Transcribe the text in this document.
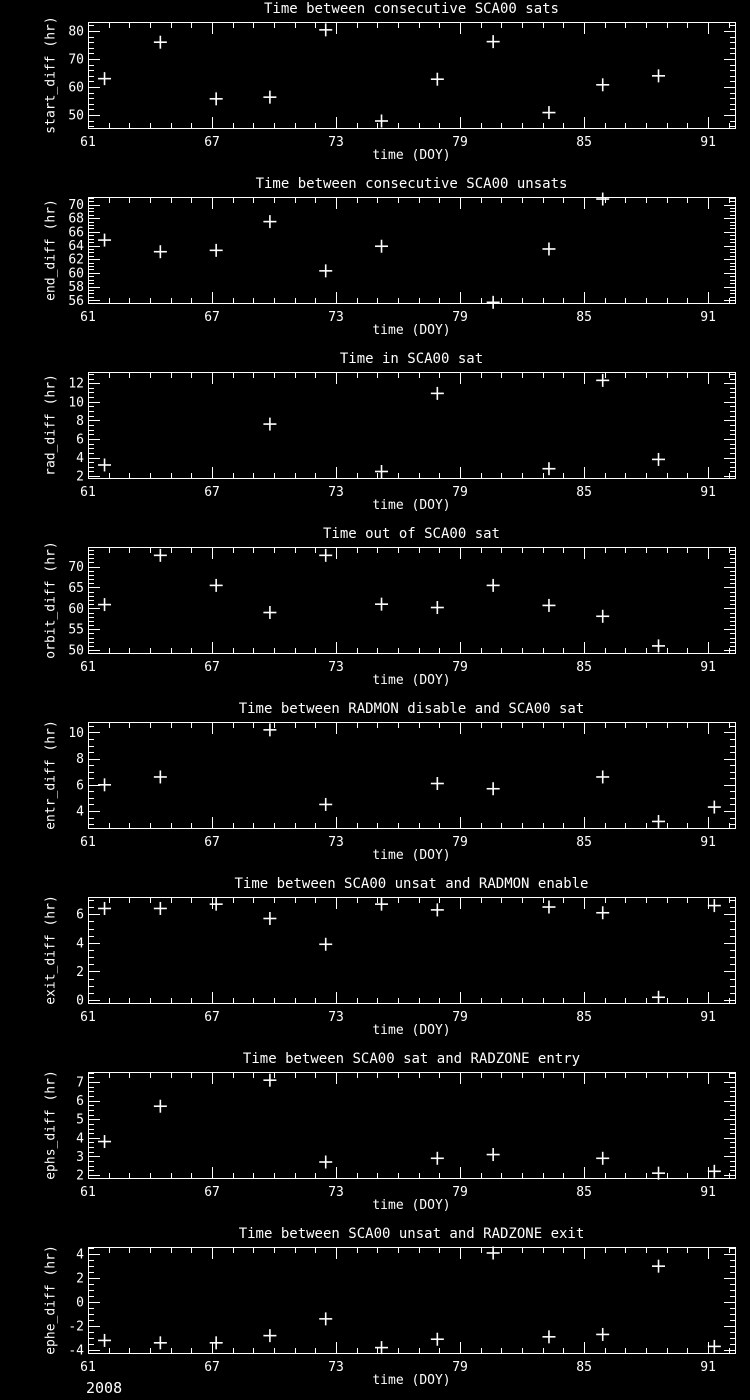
61	67	73	79	85	91
50
60
70
80
Time between consecutive SCA00 sats
start_diff (hr)
time (DOY)
61	67	73	79	85	91
56
58
60
62
64
66
68
70
Time between consecutive SCA00 unsats
end_diff (hr)
time (DOY)
61	67	73	79	85	91
2
4
6
8
10
12
Time in SCA00 sat
rad_diff (hr)
time (DOY)
61	67	73	79	85	91
50
55
60
65
70
Time out of SCA00 sat
orbit_diff (hr)
time (DOY)
61	67	73	79	85	91
4
6
8
10
Time between RADMON disable and SCA00 sat
entr_diff (hr)
time (DOY)
61	67	73	79	85	91
0
2
4
6
Time between SCA00 unsat and RADMON enable
exit_diff (hr)
time (DOY)
61	67	73	79	85	91
2
3
4
5
6
7
Time between SCA00 sat and RADZONE entry
ephs_diff (hr)
time (DOY)
61	67	73	79	85	91
-4
-2
0
2
4
Time between SCA00 unsat and RADZONE exit
ephe_diff (hr)
time (DOY)
2008
